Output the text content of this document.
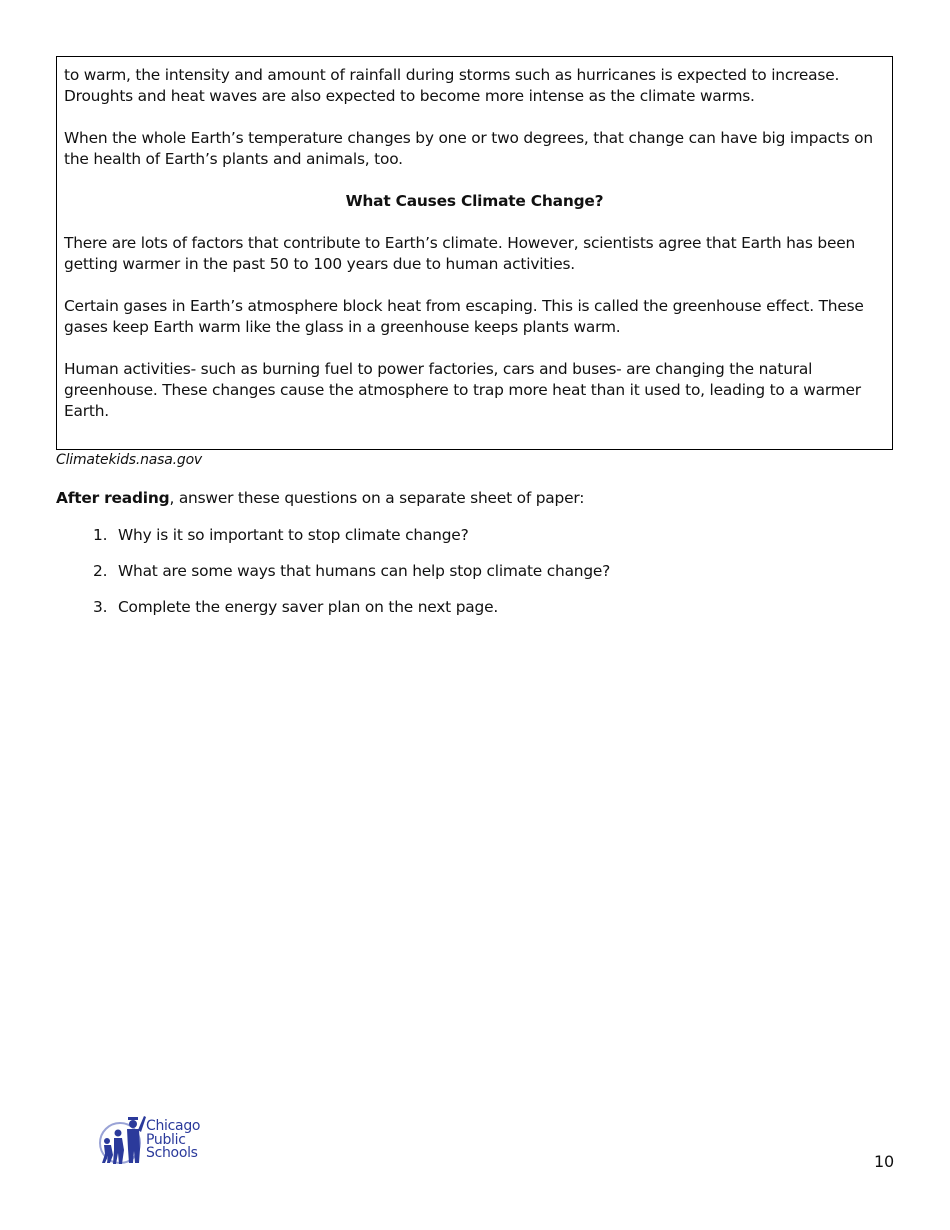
to warm, the intensity and amount of rainfall during storms such as hurricanes is expected to increase. Droughts and heat waves are also expected to become more intense as the climate warms.

When the whole Earth’s temperature changes by one or two degrees, that change can have big impacts on the health of Earth’s plants and animals, too.

What Causes Climate Change?

There are lots of factors that contribute to Earth’s climate. However, scientists agree that Earth has been getting warmer in the past 50 to 100 years due to human activities.

Certain gases in Earth’s atmosphere block heat from escaping. This is called the greenhouse effect. These gases keep Earth warm like the glass in a greenhouse keeps plants warm.

Human activities- such as burning fuel to power factories, cars and buses- are changing the natural greenhouse. These changes cause the atmosphere to trap more heat than it used to, leading to a warmer Earth.

Climatekids.nasa.gov
After reading, answer these questions on a separate sheet of paper:
1. Why is it so important to stop climate change?
2. What are some ways that humans can help stop climate change?
3. Complete the energy saver plan on the next page.
Chicago
Public
Schools	10
